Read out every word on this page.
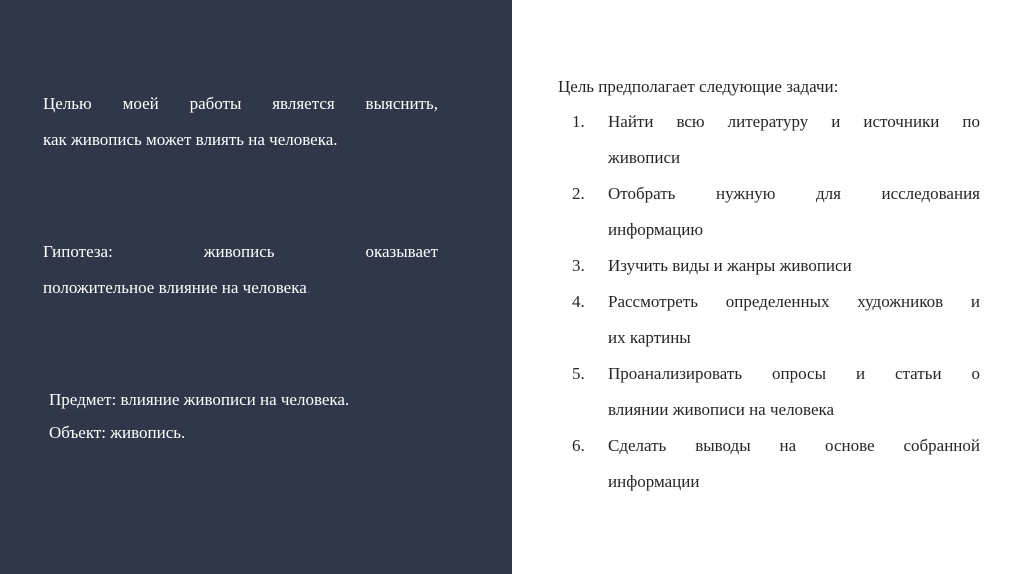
Целью моей работы является выяснить,
как живопись может влиять на человека.

Гипотеза: живопись оказывает
положительное влияние на человека.

Предмет: влияние живописи на человека.
Объект: живопись.

Цель предполагает следующие задачи:

1.	Найти всю литературу и источники по
живописи
2.	Отобрать нужную для исследования
информацию
3.	Изучить виды и жанры живописи
4.	Рассмотреть определенных художников и
их картины
5.	Проанализировать опросы и статьи о
влиянии живописи на человека
6.	Сделать выводы на основе собранной
информации
